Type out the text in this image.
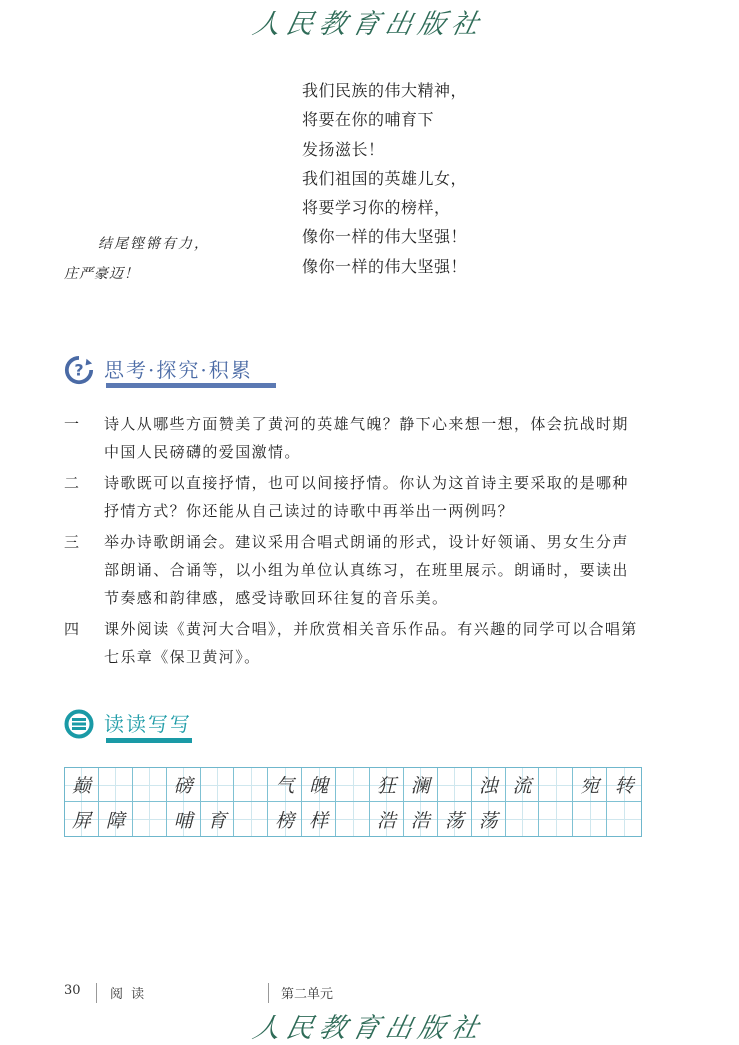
人民教育出版社
我们民族的伟大精神，
将要在你的哺育下
发扬滋长！
我们祖国的英雄儿女，
将要学习你的榜样，
像你一样的伟大坚强！
像你一样的伟大坚强！
结尾铿锵有力，
庄严豪迈！
? 思考·探究·积累
一	诗人从哪些方面赞美了黄河的英雄气魄？静下心来想一想，体会抗战时期中国人民磅礴的爱国激情。
二	诗歌既可以直接抒情，也可以间接抒情。你认为这首诗主要采取的是哪种抒情方式？你还能从自己读过的诗歌中再举出一两例吗？
三	举办诗歌朗诵会。建议采用合唱式朗诵的形式，设计好领诵、男女生分声部朗诵、合诵等，以小组为单位认真练习，在班里展示。朗诵时，要读出节奏感和韵律感，感受诗歌回环往复的音乐美。
四	课外阅读《黄河大合唱》，并欣赏相关音乐作品。有兴趣的同学可以合唱第七乐章《保卫黄河》。
读读写写
巅	磅	气 魄	狂 澜	浊 流	宛 转
屏 障	哺 育	榜 样	浩 浩 荡 荡
30 阅 读	第二单元
人民教育出版社
